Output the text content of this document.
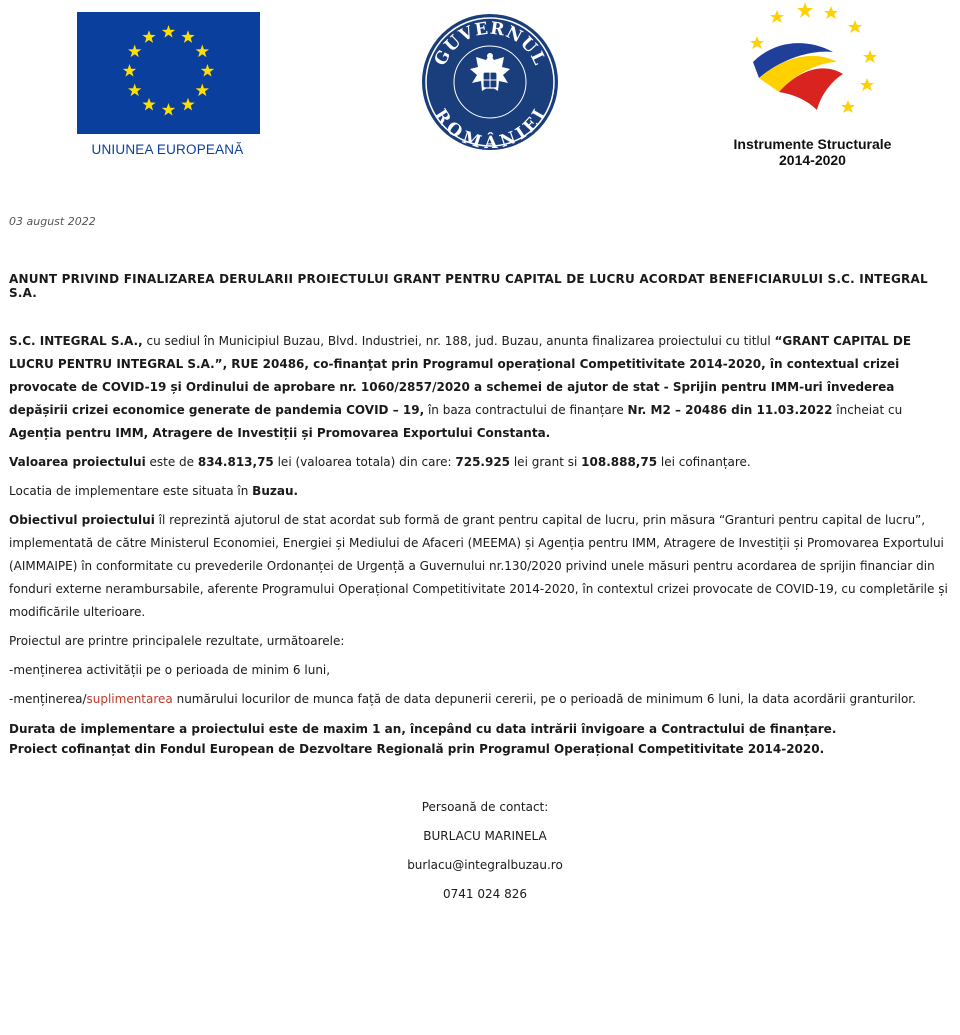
UNIUNEA EUROPEANĂ
GUVERNUL
ROMÂNIEI
Instrumente Structurale
2014-2020
03 august 2022
ANUNT PRIVIND FINALIZAREA DERULARII PROIECTULUI GRANT PENTRU CAPITAL DE LUCRU ACORDAT BENEFICIARULUI S.C. INTEGRAL S.A.

S.C. INTEGRAL S.A., cu sediul în Municipiul Buzau, Blvd. Industriei, nr. 188, jud. Buzau, anunta finalizarea proiectului cu titlul “GRANT CAPITAL DE LUCRU PENTRU INTEGRAL S.A.”, RUE 20486, co-finanţat prin Programul operațional Competitivitate 2014-2020, în contextual crizei provocate de COVID-19 și Ordinului de aprobare nr. 1060/2857/2020 a schemei de ajutor de stat - Sprijin pentru IMM-uri învederea depășirii crizei economice generate de pandemia COVID – 19, în baza contractului de finanțare Nr. M2 – 20486 din 11.03.2022 încheiat cu Agenția pentru IMM, Atragere de Investiții și Promovarea Exportului Constanta.

Valoarea proiectului este de 834.813,75 lei (valoarea totala) din care: 725.925 lei grant si 108.888,75 lei cofinanțare.

Locatia de implementare este situata în Buzau.

Obiectivul proiectului îl reprezintă ajutorul de stat acordat sub formă de grant pentru capital de lucru, prin măsura “Granturi pentru capital de lucru”, implementată de către Ministerul Economiei, Energiei și Mediului de Afaceri (MEEMA) și Agenția pentru IMM, Atragere de Investiții și Promovarea Exportului (AIMMAIPE) în conformitate cu prevederile Ordonanței de Urgență a Guvernului nr.130/2020 privind unele măsuri pentru acordarea de sprijin financiar din fonduri externe nerambursabile, aferente Programului Operațional Competitivitate 2014-2020, în contextul crizei provocate de COVID-19, cu completările și modificările ulterioare.

Proiectul are printre principalele rezultate, următoarele:

-menținerea activității pe o perioada de minim 6 luni,

-menținerea/suplimentarea numărului locurilor de munca față de data depunerii cererii, pe o perioadă de minimum 6 luni, la data acordării granturilor.

Durata de implementare a proiectului este de maxim 1 an, începând cu data intrării învigoare a Contractului de finanțare.
Proiect cofinanțat din Fondul European de Dezvoltare Regională prin Programul Operațional Competitivitate 2014-2020.

Persoană de contact:
BURLACU MARINELA
burlacu@integralbuzau.ro
0741 024 826
